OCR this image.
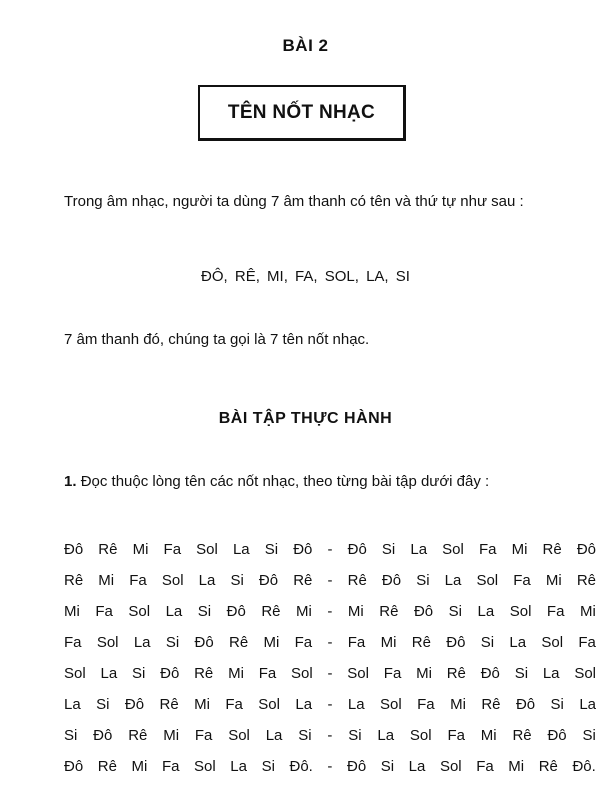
BÀI 2
TÊN NỐT NHẠC

Trong âm nhạc, người ta dùng 7 âm thanh có tên và thứ tự như sau :

ĐÔ, RÊ, MI, FA, SOL, LA, SI

7 âm thanh đó, chúng ta gọi là 7 tên nốt nhạc.

BÀI TẬP THỰC HÀNH

1. Đọc thuộc lòng tên các nốt nhạc, theo từng bài tập dưới đây :

Đô Rê Mi Fa Sol La Si Đô - Đô Si La Sol Fa Mi Rê Đô
Rê Mi Fa Sol La Si Đô Rê - Rê Đô Si La Sol Fa Mi Rê
Mi Fa Sol La Si Đô Rê Mi - Mi Rê Đô Si La Sol Fa Mi
Fa Sol La Si Đô Rê Mi Fa - Fa Mi Rê Đô Si La Sol Fa
Sol La Si Đô Rê Mi Fa Sol - Sol Fa Mi Rê Đô Si La Sol
La Si Đô Rê Mi Fa Sol La - La Sol Fa Mi Rê Đô Si La
Si Đô Rê Mi Fa Sol La Si - Si La Sol Fa Mi Rê Đô Si
Đô Rê Mi Fa Sol La Si Đô. - Đô Si La Sol Fa Mi Rê Đô.
